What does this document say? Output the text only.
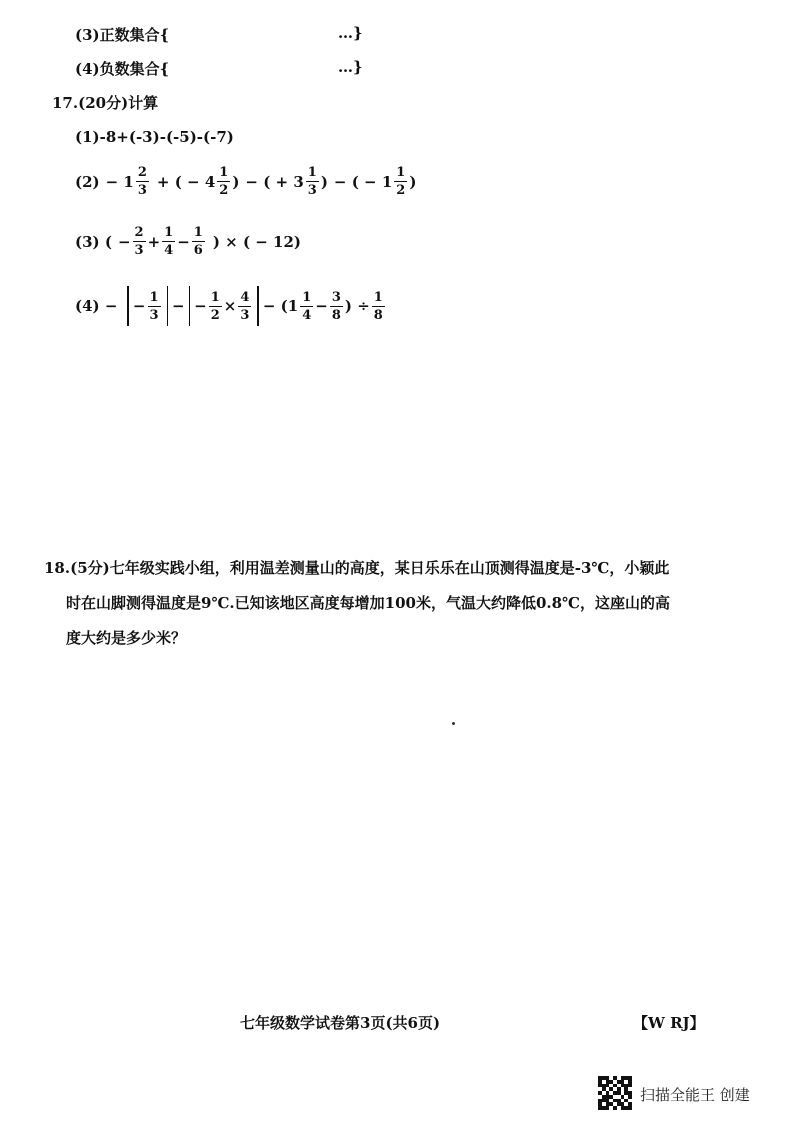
(3)正数集合{	…}
(4)负数集合{	…}
17.(20分)计算
(1)-8+(-3)-(-5)-(-7)
$(2) - 1 \frac{2}{3}$ + ( − $4 \frac{1}{2}$ ) − ( + $3 \frac{1}{3}$ ) − ( − $1 \frac{1}{2}$ )
(3) ( − $\frac{2}{3} + \frac{1}{4} - \frac{1}{6}$ ) × ( − 12)
(4) − − $\frac{1}{3}$ − − $\frac{1}{2} \times \frac{4}{3} - (1 \frac{1}{4} - \frac{3}{8}$ ) ÷ $\frac{1}{8}$
18.(5分)七年级实践小组，利用温差测量山的高度，某日乐乐在山顶测得温度是-3℃，小颖此
时在山脚测得温度是9℃.已知该地区高度每增加100米，气温大约降低0.8℃，这座山的高
度大约是多少米？
七年级数学试卷第3页(共6页)	【W RJ】
扫描全能王 创建
